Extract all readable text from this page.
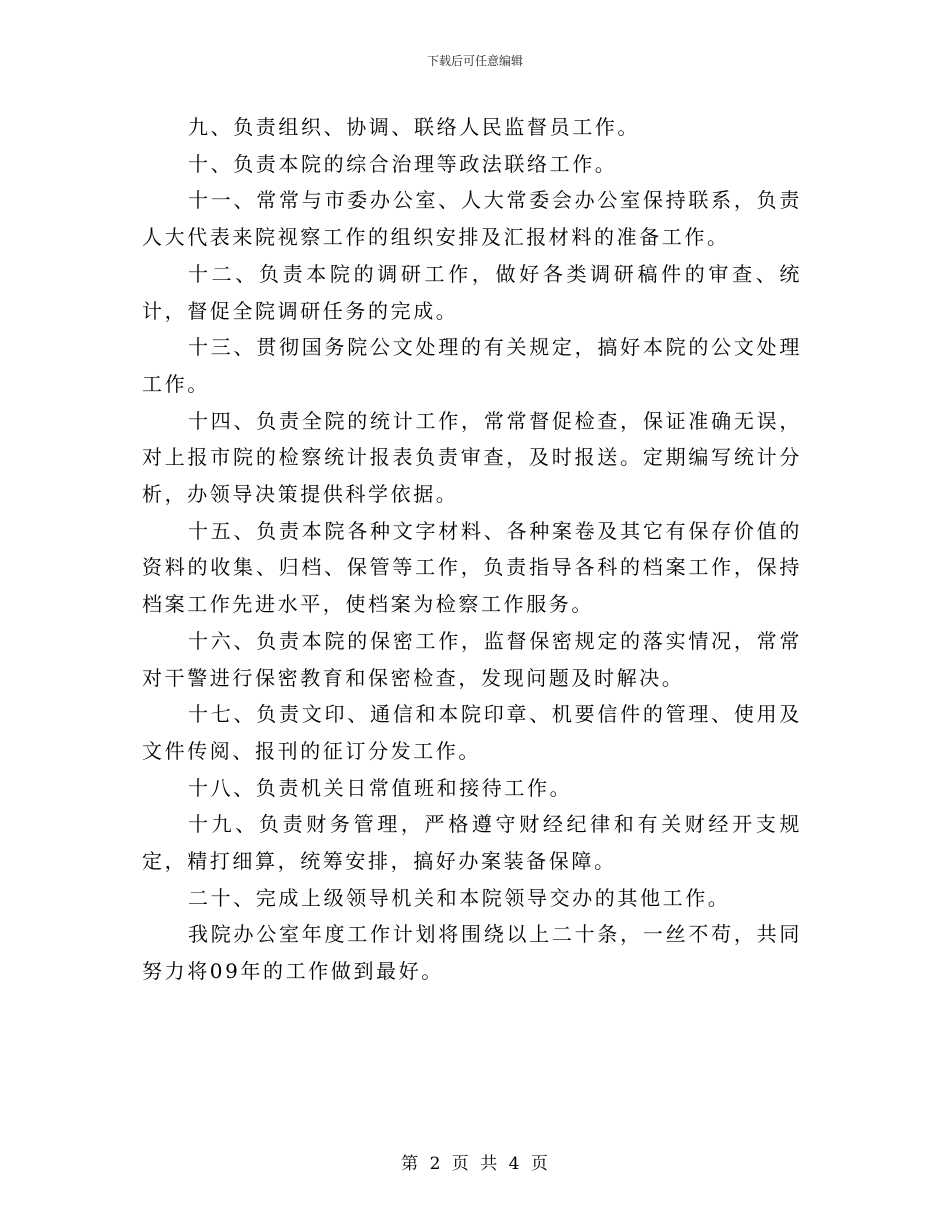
下载后可任意编辑

九、负责组织、协调、联络人民监督员工作。

十、负责本院的综合治理等政法联络工作。

十一、常常与市委办公室、人大常委会办公室保持联系，负责人大代表来院视察工作的组织安排及汇报材料的准备工作。

十二、负责本院的调研工作，做好各类调研稿件的审查、统计，督促全院调研任务的完成。

十三、贯彻国务院公文处理的有关规定，搞好本院的公文处理工作。

十四、负责全院的统计工作，常常督促检查，保证准确无误，对上报市院的检察统计报表负责审查，及时报送。定期编写统计分析，办领导决策提供科学依据。

十五、负责本院各种文字材料、各种案卷及其它有保存价值的资料的收集、归档、保管等工作，负责指导各科的档案工作，保持档案工作先进水平，使档案为检察工作服务。

十六、负责本院的保密工作，监督保密规定的落实情况，常常对干警进行保密教育和保密检查，发现问题及时解决。

十七、负责文印、通信和本院印章、机要信件的管理、使用及文件传阅、报刊的征订分发工作。

十八、负责机关日常值班和接待工作。

十九、负责财务管理，严格遵守财经纪律和有关财经开支规定，精打细算，统筹安排，搞好办案装备保障。

二十、完成上级领导机关和本院领导交办的其他工作。

我院办公室年度工作计划将围绕以上二十条，一丝不苟，共同努力将09年的工作做到最好。

第 2 页 共 4 页
